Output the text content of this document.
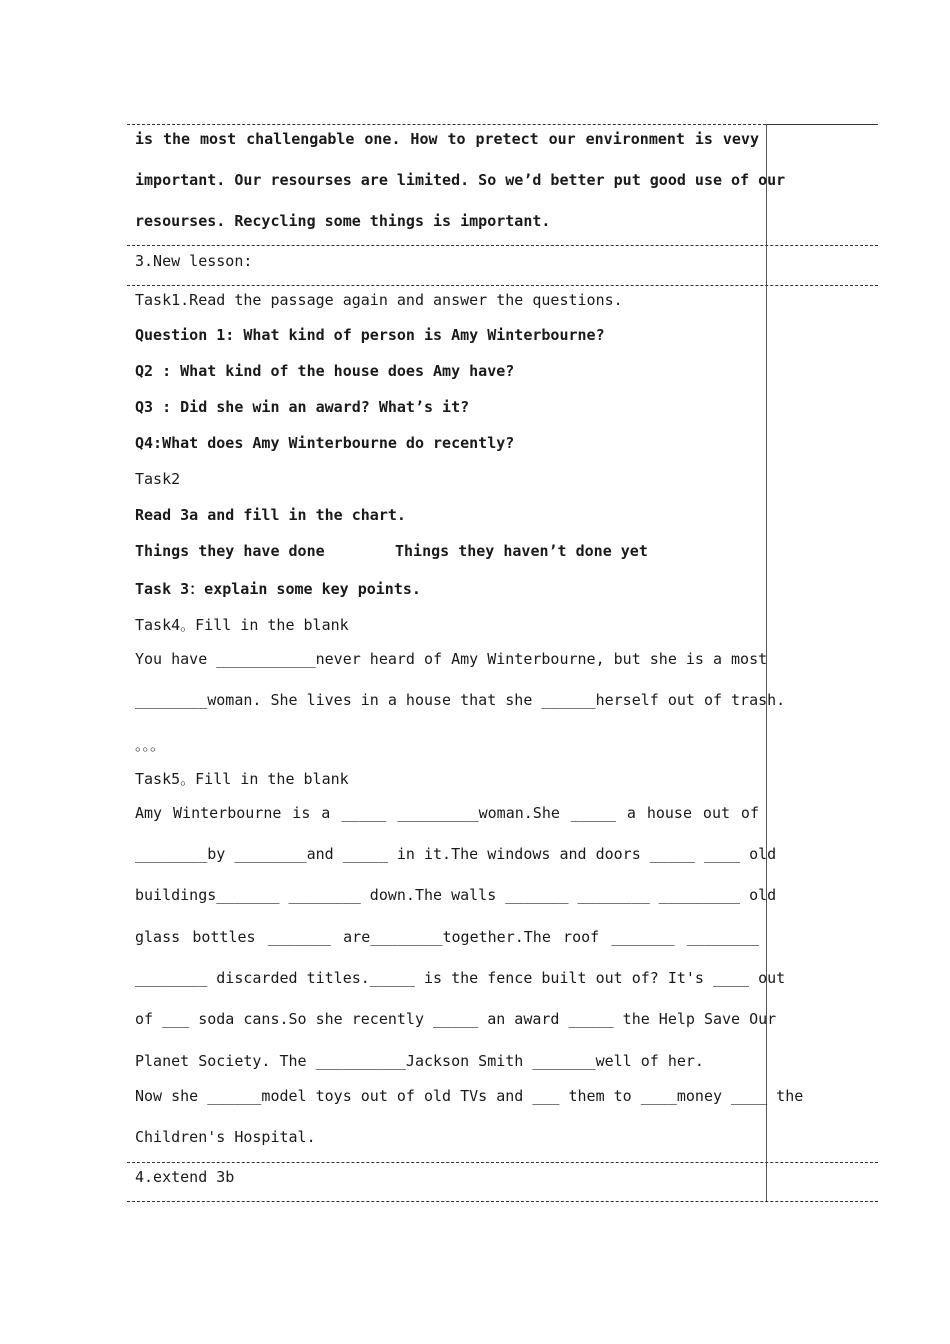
is the most challengable one. How to pretect our environment is vevy
important. Our resourses are limited. So we’d better put good use of our
resourses. Recycling some things is important.
3.New lesson:
Task1.Read the passage again and answer the questions.
Question 1: What kind of person is Amy Winterbourne?
Q2 : What kind of the house does Amy have?
Q3 : Did she win an award? What’s it?
Q4:What does Amy Winterbourne do recently?
Task2
Read 3a and fill in the chart.
Things they have done	Things they haven’t done yet
Task 3：explain some key points.
Task4。Fill in the blank
You have ___________never heard of Amy Winterbourne, but she is a most
________woman. She lives in a house that she ______herself out of trash.
。。。
Task5。Fill in the blank
Amy Winterbourne is a _____ _________woman.She _____ a house out of
________by ________and _____ in it.The windows and doors _____ ____ old
buildings_______ ________ down.The walls _______ ________ _________ old
glass bottles _______ are________together.The roof _______ ________
________ discarded titles._____ is the fence built out of? It's ____ out
of ___ soda cans.So she recently _____ an award _____ the Help Save Our
Planet Society. The __________Jackson Smith _______well of her.
Now she ______model toys out of old TVs and ___ them to ____money ____ the
Children's Hospital.
4.extend 3b
